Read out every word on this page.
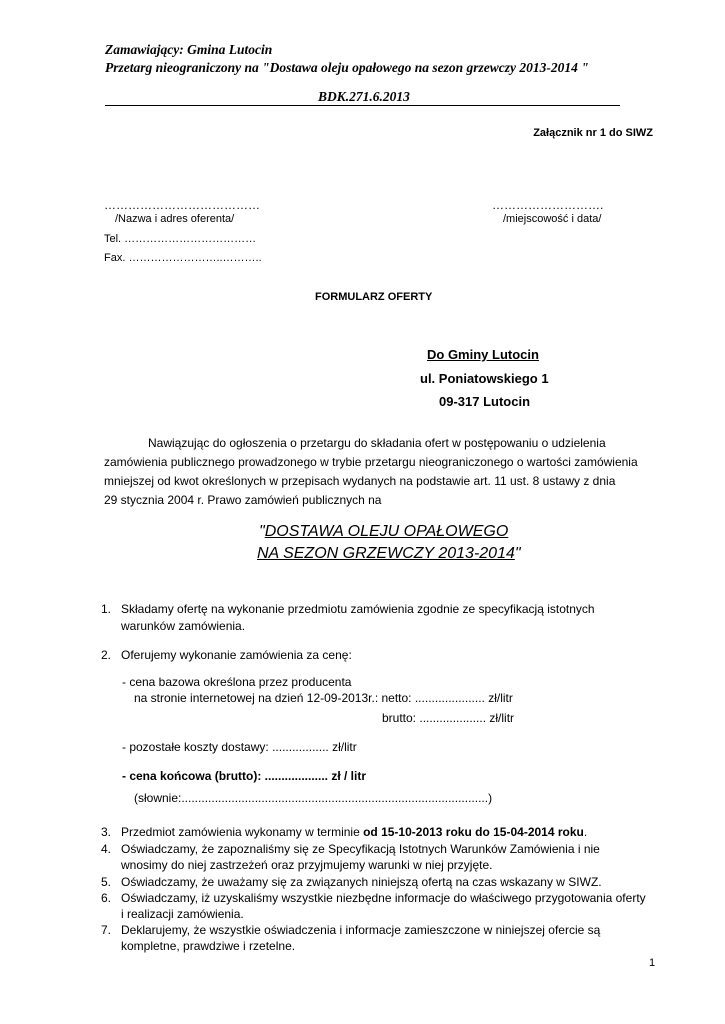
Zamawiający: Gmina Lutocin
Przetarg nieograniczony na "Dostawa oleju opałowego na sezon grzewczy 2013-2014 "
BDK.271.6.2013
Załącznik nr 1 do SIWZ
…………………………………
/Nazwa i adres oferenta/
……………………….
/miejscowość i data/
Tel. ………………………………
Fax. ……………………..………..
FORMULARZ OFERTY
Do Gminy Lutocin
ul. Poniatowskiego 1
09-317 Lutocin
Nawiązując do ogłoszenia o przetargu do składania ofert w postępowaniu o udzielenia
zamówienia publicznego prowadzonego w trybie przetargu nieograniczonego o wartości zamówienia
mniejszej od kwot określonych w przepisach wydanych na podstawie art. 11 ust. 8 ustawy z dnia
29 stycznia 2004 r. Prawo zamówień publicznych na
"DOSTAWA OLEJU OPAŁOWEGO
NA SEZON GRZEWCZY 2013-2014"
1. Składamy ofertę na wykonanie przedmiotu zamówienia zgodnie ze specyfikacją istotnych
warunków zamówienia.
2. Oferujemy wykonanie zamówienia za cenę:
- cena bazowa określona przez producenta
na stronie internetowej na dzień 12-09-2013r.: netto: ..................... zł/litr
brutto: .................... zł/litr
- pozostałe koszty dostawy: ................. zł/litr
- cena końcowa (brutto): ................... zł / litr
(słownie:............................................................................................)
3. Przedmiot zamówienia wykonamy w terminie od 15-10-2013 roku do 15-04-2014 roku.
4. Oświadczamy, że zapoznaliśmy się ze Specyfikacją Istotnych Warunków Zamówienia i nie
wnosimy do niej zastrzeżeń oraz przyjmujemy warunki w niej przyjęte.
5. Oświadczamy, że uważamy się za związanych niniejszą ofertą na czas wskazany w SIWZ.
6. Oświadczamy, iż uzyskaliśmy wszystkie niezbędne informacje do właściwego przygotowania oferty
i realizacji zamówienia.
7. Deklarujemy, że wszystkie oświadczenia i informacje zamieszczone w niniejszej ofercie są
kompletne, prawdziwe i rzetelne.
1
